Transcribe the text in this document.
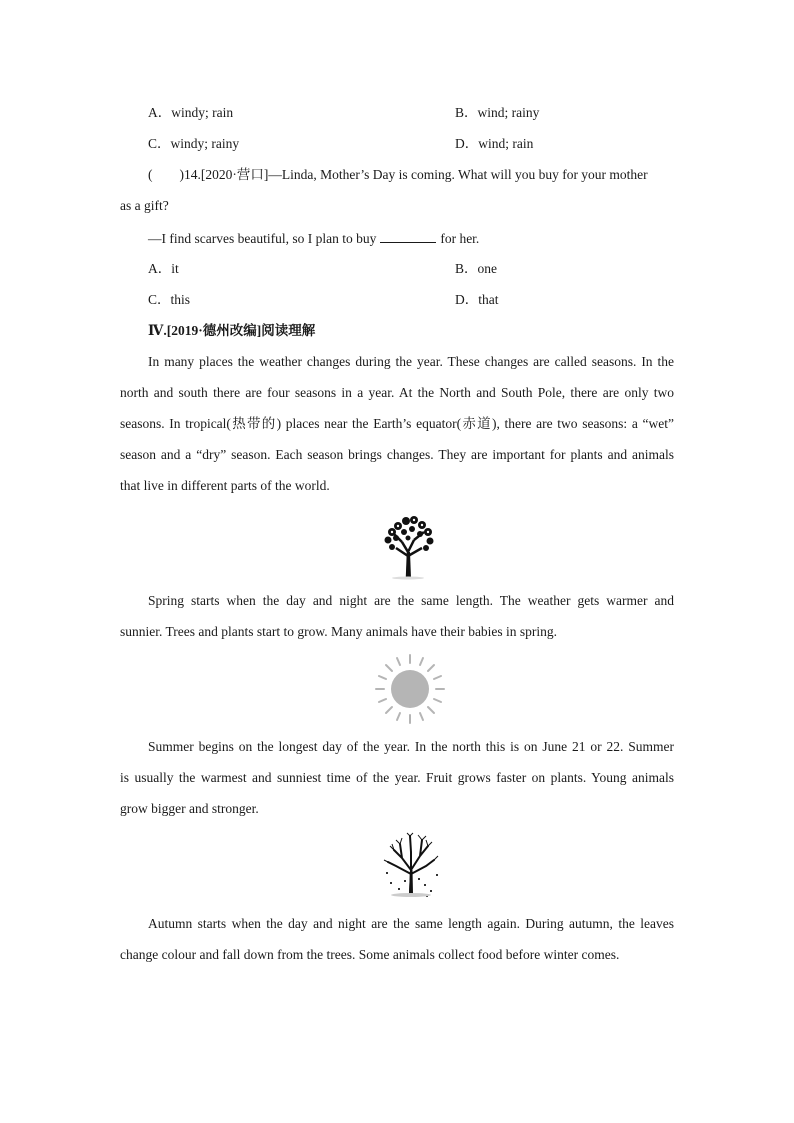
A．windy; rain	B．wind; rainy
C．windy; rainy	D．wind; rain
(　　)14.[2020·营口]—Linda, Mother’s Day is coming. What will you buy for your mother
as a gift?
—I find scarves beautiful, so I plan to buy	for her.
A．it	B．one
C．this	D．that
Ⅳ.[2019·德州改编]阅读理解
In many places the weather changes during the year. These changes are called seasons. In the
north and south there are four seasons in a year. At the North and South Pole, there are only two
seasons. In tropical(热带的) places near the Earth’s equator(赤道), there are two seasons: a “wet”
season and a “dry” season. Each season brings changes. They are important for plants and animals
that live in different parts of the world.
Spring starts when the day and night are the same length. The weather gets warmer and
sunnier. Trees and plants start to grow. Many animals have their babies in spring.
Summer begins on the longest day of the year. In the north this is on June 21 or 22. Summer
is usually the warmest and sunniest time of the year. Fruit grows faster on plants. Young animals
grow bigger and stronger.
Autumn starts when the day and night are the same length again. During autumn, the leaves
change colour and fall down from the trees. Some animals collect food before winter comes.
